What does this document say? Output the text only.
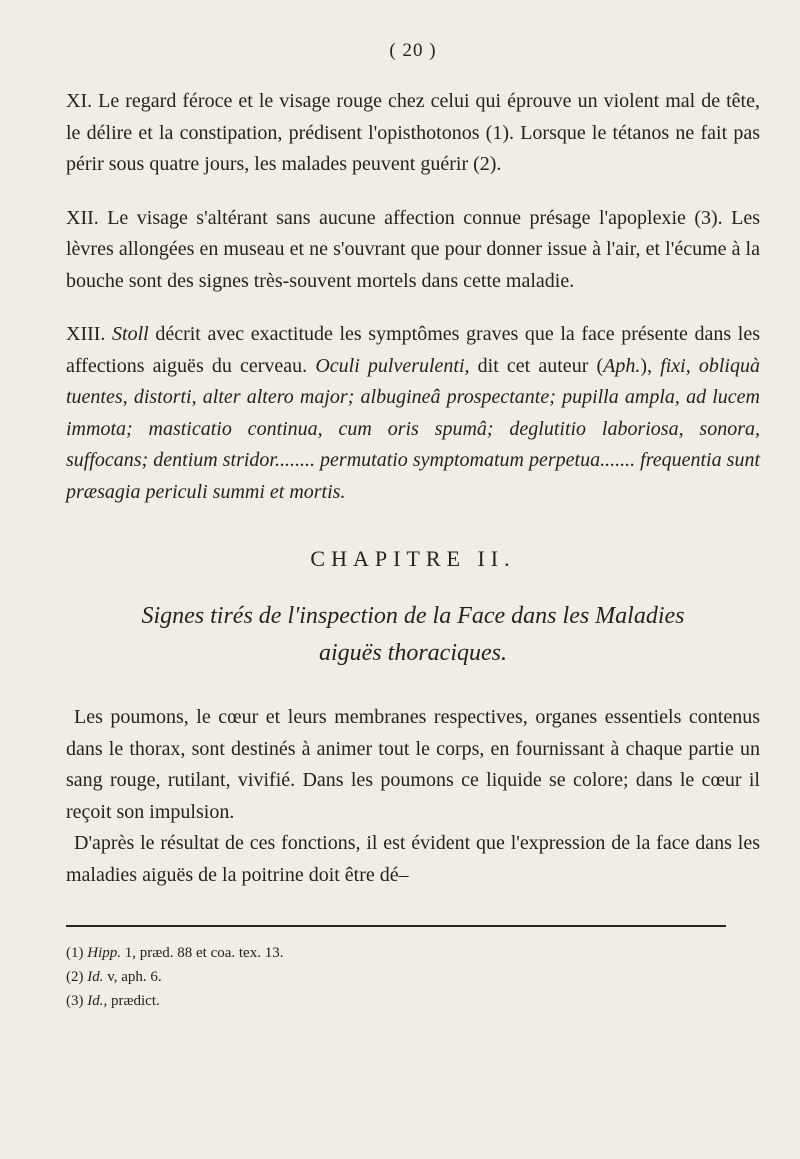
( 20 )

XI. Le regard féroce et le visage rouge chez celui qui éprouve un violent mal de tête, le délire et la constipation, prédisent l'opisthotonos (1). Lorsque le tétanos ne fait pas périr sous quatre jours, les malades peuvent guérir (2).

XII. Le visage s'altérant sans aucune affection connue présage l'apoplexie (3). Les lèvres allongées en museau et ne s'ouvrant que pour donner issue à l'air, et l'écume à la bouche sont des signes très-souvent mortels dans cette maladie.

XIII. Stoll décrit avec exactitude les symptômes graves que la face présente dans les affections aiguës du cerveau. Oculi pulverulenti, dit cet auteur (Aph.), fixi, obliquà tuentes, distorti, alter altero major; albugineâ prospectante; pupilla ampla, ad lucem immota; masticatio continua, cum oris spumâ; deglutitio laboriosa, sonora, suffocans; dentium stridor........ permutatio symptomatum perpetua....... frequentia sunt præsagia periculi summi et mortis.

CHAPITRE II.
Signes tirés de l'inspection de la Face dans les Maladies
aiguës thoraciques.

Les poumons, le cœur et leurs membranes respectives, organes essentiels contenus dans le thorax, sont destinés à animer tout le corps, en fournissant à chaque partie un sang rouge, rutilant, vivifié. Dans les poumons ce liquide se colore; dans le cœur il reçoit son impulsion.

D'après le résultat de ces fonctions, il est évident que l'expression de la face dans les maladies aiguës de la poitrine doit être dé–

(1) Hipp. 1, præd. 88 et coa. tex. 13.

(2) Id. v, aph. 6.

(3) Id., prædict.
